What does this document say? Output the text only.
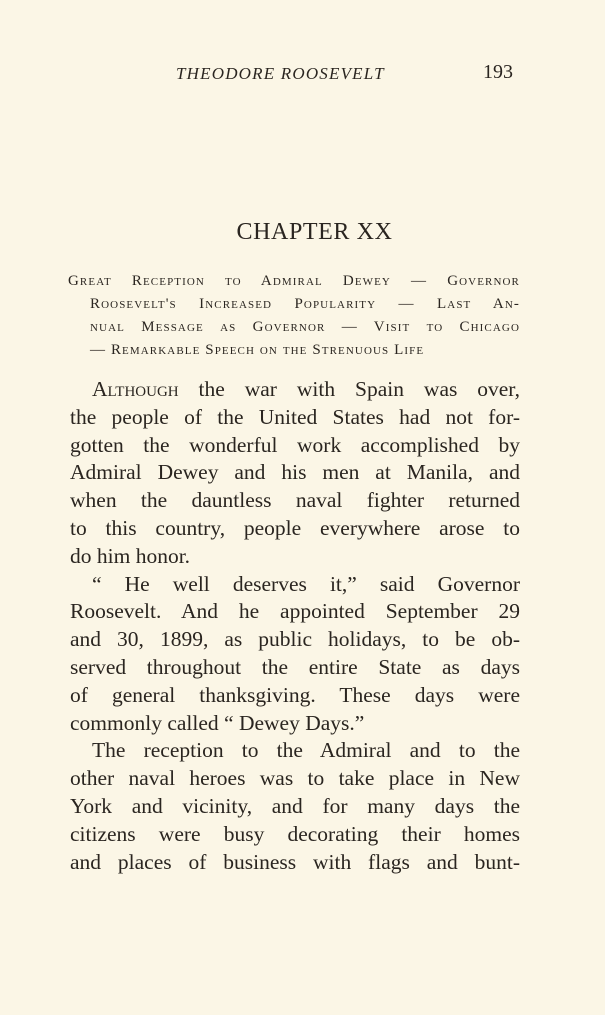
THEODORE ROOSEVELT	193
CHAPTER XX
Great Reception to Admiral Dewey — Governor
Roosevelt's Increased Popularity — Last An-
nual Message as Governor — Visit to Chicago
— Remarkable Speech on the Strenuous Life
Although the war with Spain was over,
the people of the United States had not for-
gotten the wonderful work accomplished by
Admiral Dewey and his men at Manila, and
when the dauntless naval fighter returned
to this country, people everywhere arose to
do him honor.
“ He well deserves it,” said Governor
Roosevelt. And he appointed September 29
and 30, 1899, as public holidays, to be ob-
served throughout the entire State as days
of general thanksgiving. These days were
commonly called “ Dewey Days.”
The reception to the Admiral and to the
other naval heroes was to take place in New
York and vicinity, and for many days the
citizens were busy decorating their homes
and places of business with flags and bunt-
